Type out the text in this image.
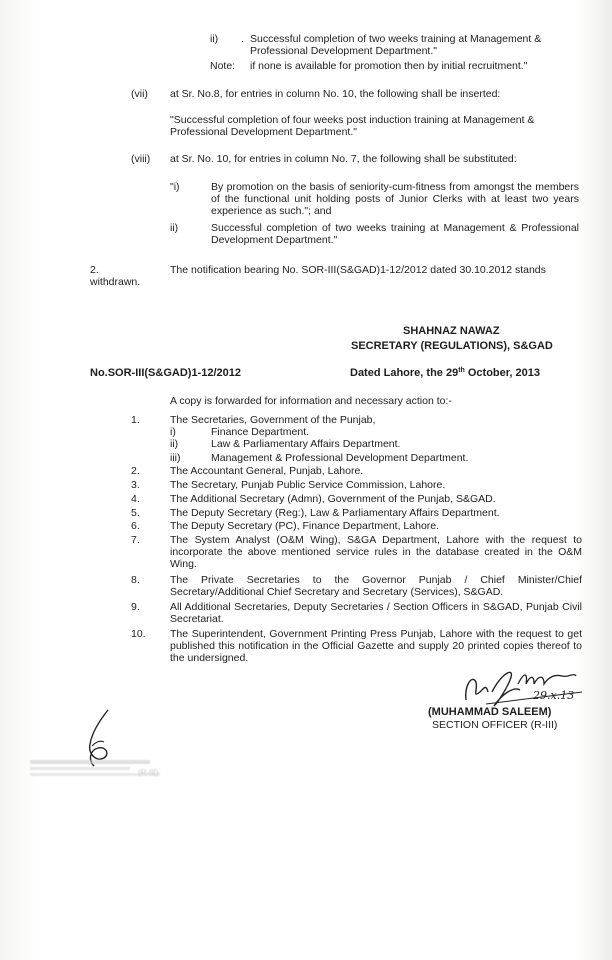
ii) . Successful completion of two weeks training at Management &
Professional Development Department."
Note: if none is available for promotion then by initial recruitment."
(vii) at Sr. No.8, for entries in column No. 10, the following shall be inserted:
"Successful completion of four weeks post induction training at Management &
Professional Development Department."
(viii) at Sr. No. 10, for entries in column No. 7, the following shall be substituted:
"i)	By promotion on the basis of seniority-cum-fitness from amongst the members of the functional unit holding posts of Junior Clerks with at least two years experience as such."; and
ii)	Successful completion of two weeks training at Management & Professional Development Department."
2.	The notification bearing No. SOR-III(S&GAD)1-12/2012 dated 30.10.2012 stands
withdrawn.
SHAHNAZ NAWAZ
SECRETARY (REGULATIONS), S&GAD
No.SOR-III(S&GAD)1-12/2012	Dated Lahore, the 29th October, 2013
A copy is forwarded for information and necessary action to:-
1.	The Secretaries, Government of the Punjab,
i)	Finance Department.
ii)	Law & Parliamentary Affairs Department.
iii)	Management & Professional Development Department.
2.	The Accountant General, Punjab, Lahore.
3.	The Secretary, Punjab Public Service Commission, Lahore.
4.	The Additional Secretary (Admn), Government of the Punjab, S&GAD.
5.	The Deputy Secretary (Reg:), Law & Parliamentary Affairs Department.
6.	The Deputy Secretary (PC), Finance Department, Lahore.
7.	The System Analyst (O&M Wing), S&GA Department, Lahore with the request to incorporate the above mentioned service rules in the database created in the O&M Wing.
8.	The Private Secretaries to the Governor Punjab / Chief Minister/Chief Secretary/Additional Chief Secretary and Secretary (Services), S&GAD.
9.	All Additional Secretaries, Deputy Secretaries / Section Officers in S&GAD, Punjab Civil Secretariat.
10. The Superintendent, Government Printing Press Punjab, Lahore with the request to get published this notification in the Official Gazette and supply 20 printed copies thereof to the undersigned.
29.x.13
(MUHAMMAD SALEEM)
SECTION OFFICER (R-III)
(R-III)
